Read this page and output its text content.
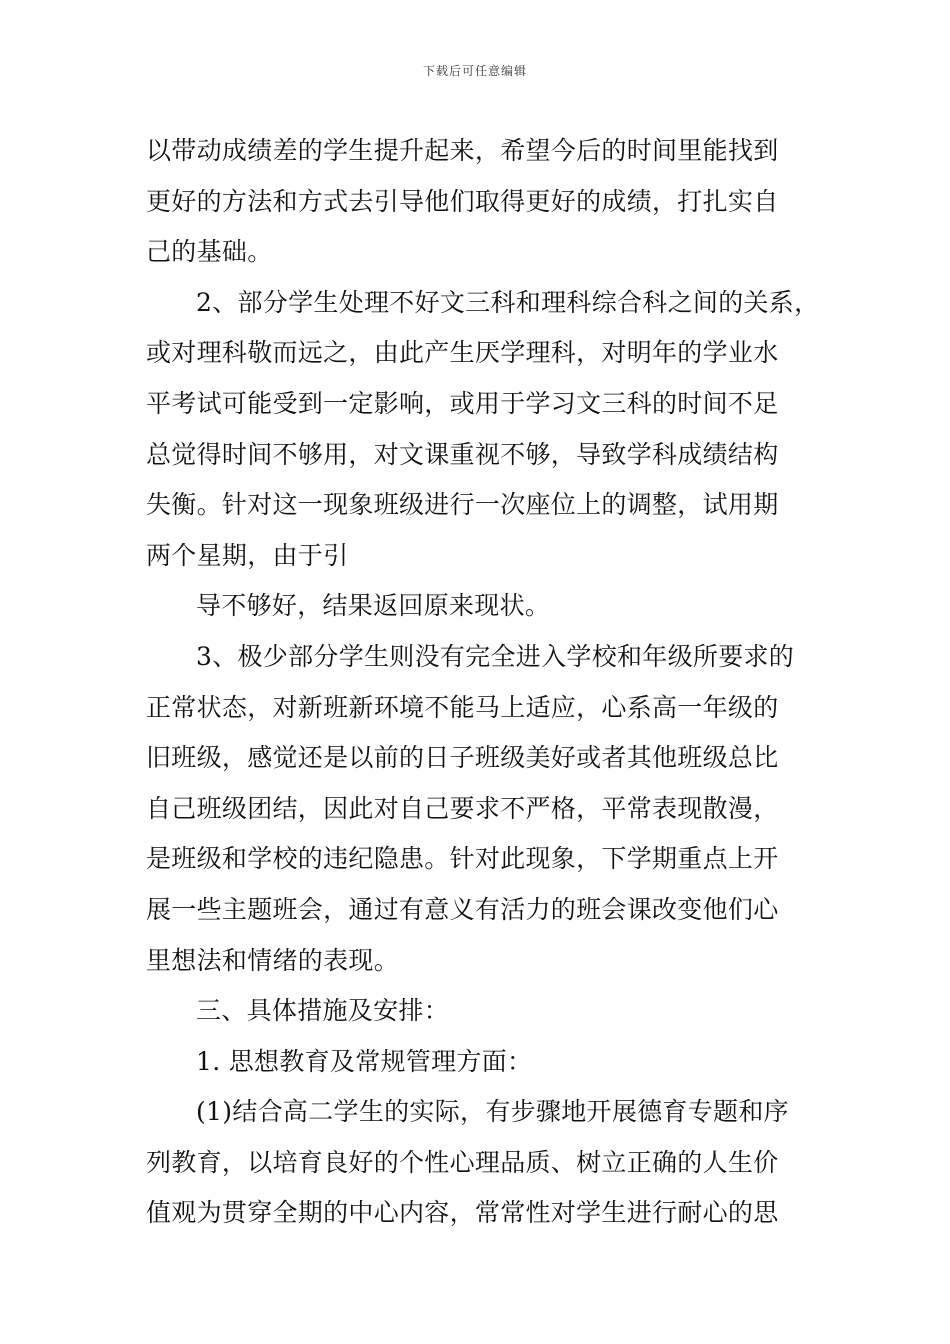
下载后可任意编辑
以带动成绩差的学生提升起来，希望今后的时间里能找到
更好的方法和方式去引导他们取得更好的成绩，打扎实自
己的基础。
2、部分学生处理不好文三科和理科综合科之间的关系，
或对理科敬而远之，由此产生厌学理科，对明年的学业水
平考试可能受到一定影响，或用于学习文三科的时间不足
总觉得时间不够用，对文课重视不够，导致学科成绩结构
失衡。针对这一现象班级进行一次座位上的调整，试用期
两个星期，由于引
导不够好，结果返回原来现状。
3、极少部分学生则没有完全进入学校和年级所要求的
正常状态，对新班新环境不能马上适应，心系高一年级的
旧班级，感觉还是以前的日子班级美好或者其他班级总比
自己班级团结，因此对自己要求不严格，平常表现散漫，
是班级和学校的违纪隐患。针对此现象，下学期重点上开
展一些主题班会，通过有意义有活力的班会课改变他们心
里想法和情绪的表现。
三、具体措施及安排：
1. 思想教育及常规管理方面：
(1)结合高二学生的实际，有步骤地开展德育专题和序
列教育，以培育良好的个性心理品质、树立正确的人生价
值观为贯穿全期的中心内容，常常性对学生进行耐心的思
